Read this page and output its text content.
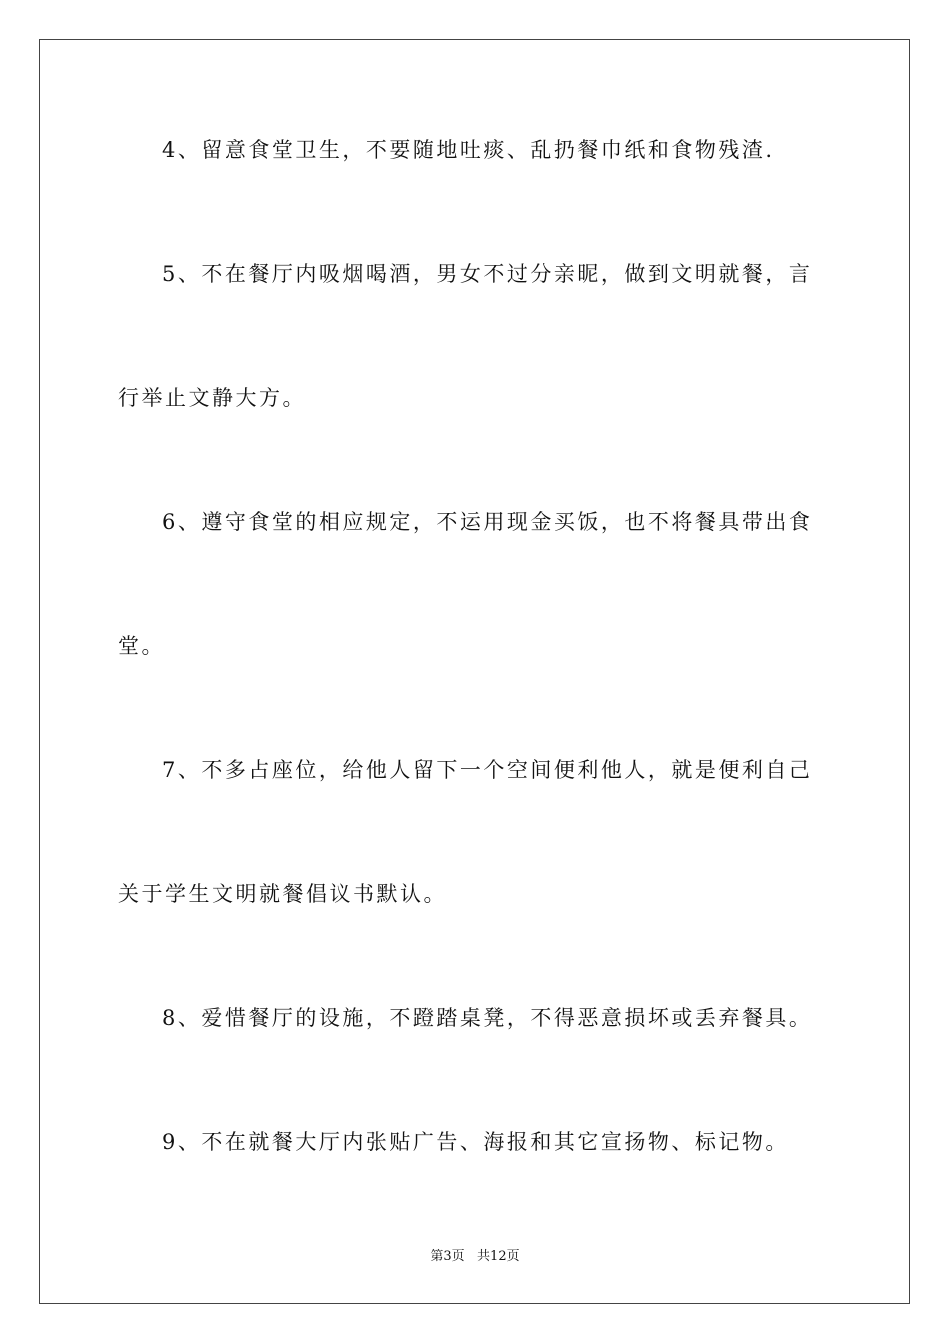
4、留意食堂卫生，不要随地吐痰、乱扔餐巾纸和食物残渣.
5、不在餐厅内吸烟喝酒，男女不过分亲昵，做到文明就餐，言
行举止文静大方。
6、遵守食堂的相应规定，不运用现金买饭，也不将餐具带出食
堂。
7、不多占座位，给他人留下一个空间便利他人，就是便利自己
关于学生文明就餐倡议书默认。
8、爱惜餐厅的设施，不蹬踏桌凳，不得恶意损坏或丢弃餐具。
9、不在就餐大厅内张贴广告、海报和其它宣扬物、标记物。
第3页   共12页
